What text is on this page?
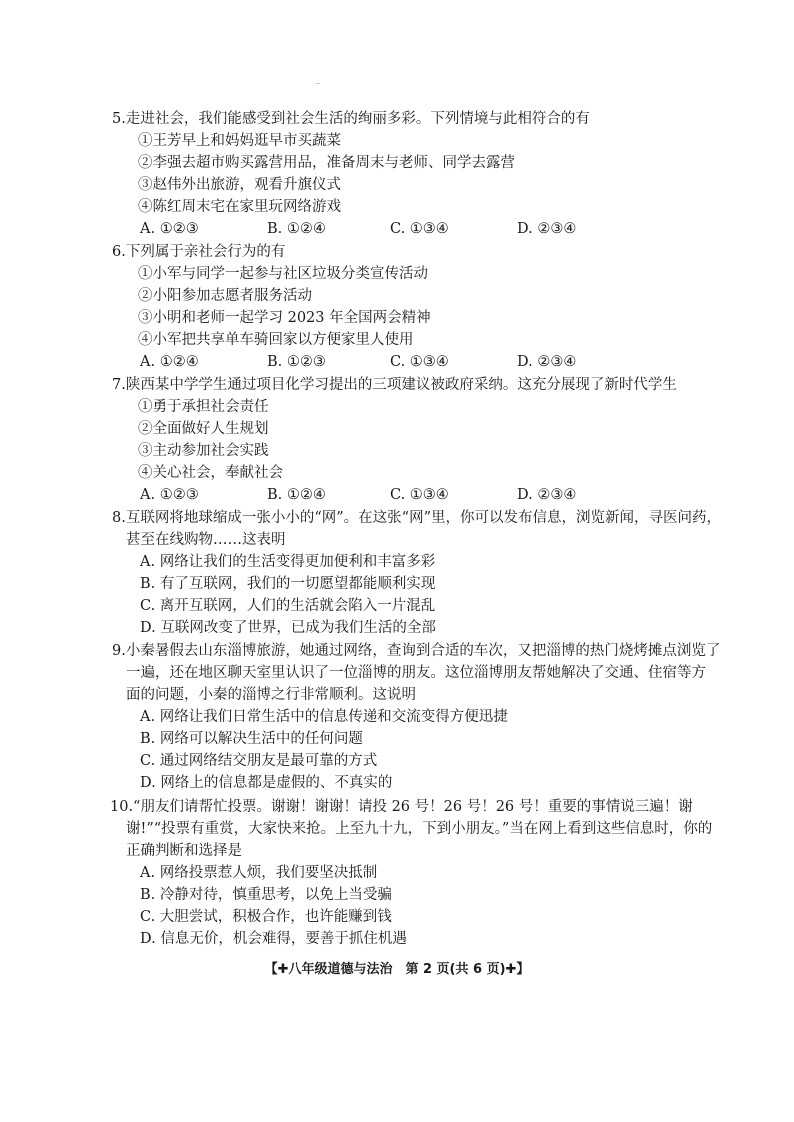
5.走进社会，我们能感受到社会生活的绚丽多彩。下列情境与此相符合的有
①王芳早上和妈妈逛早市买蔬菜
②李强去超市购买露营用品，准备周末与老师、同学去露营
③赵伟外出旅游，观看升旗仪式
④陈红周末宅在家里玩网络游戏
A. ①②③	B. ①②④	C. ①③④	D. ②③④
6.下列属于亲社会行为的有
①小军与同学一起参与社区垃圾分类宣传活动
②小阳参加志愿者服务活动
③小明和老师一起学习 2023 年全国两会精神
④小军把共享单车骑回家以方便家里人使用
A. ①②④	B. ①②③	C. ①③④	D. ②③④
7.陕西某中学学生通过项目化学习提出的三项建议被政府采纳。这充分展现了新时代学生
①勇于承担社会责任
②全面做好人生规划
③主动参加社会实践
④关心社会，奉献社会
A. ①②③	B. ①②④	C. ①③④	D. ②③④
8.互联网将地球缩成一张小小的“网”。在这张“网”里，你可以发布信息，浏览新闻，寻医问药，
甚至在线购物……这表明
A. 网络让我们的生活变得更加便利和丰富多彩
B. 有了互联网，我们的一切愿望都能顺利实现
C. 离开互联网，人们的生活就会陷入一片混乱
D. 互联网改变了世界，已成为我们生活的全部
9.小秦暑假去山东淄博旅游，她通过网络，查询到合适的车次，又把淄博的热门烧烤摊点浏览了
一遍，还在地区聊天室里认识了一位淄博的朋友。这位淄博朋友帮她解决了交通、住宿等方
面的问题，小秦的淄博之行非常顺利。这说明
A. 网络让我们日常生活中的信息传递和交流变得方便迅捷
B. 网络可以解决生活中的任何问题
C. 通过网络结交朋友是最可靠的方式
D. 网络上的信息都是虚假的、不真实的
10.“朋友们请帮忙投票。谢谢！谢谢！请投 26 号！26 号！26 号！重要的事情说三遍！谢
谢!”“投票有重赏，大家快来抢。上至九十九，下到小朋友。”当在网上看到这些信息时，你的
正确判断和选择是
A. 网络投票惹人烦，我们要坚决抵制
B. 冷静对待，慎重思考，以免上当受骗
C. 大胆尝试，积极合作，也许能赚到钱
D. 信息无价，机会难得，要善于抓住机遇
【✚八年级道德与法治　第 2 页(共 6 页)✚】
